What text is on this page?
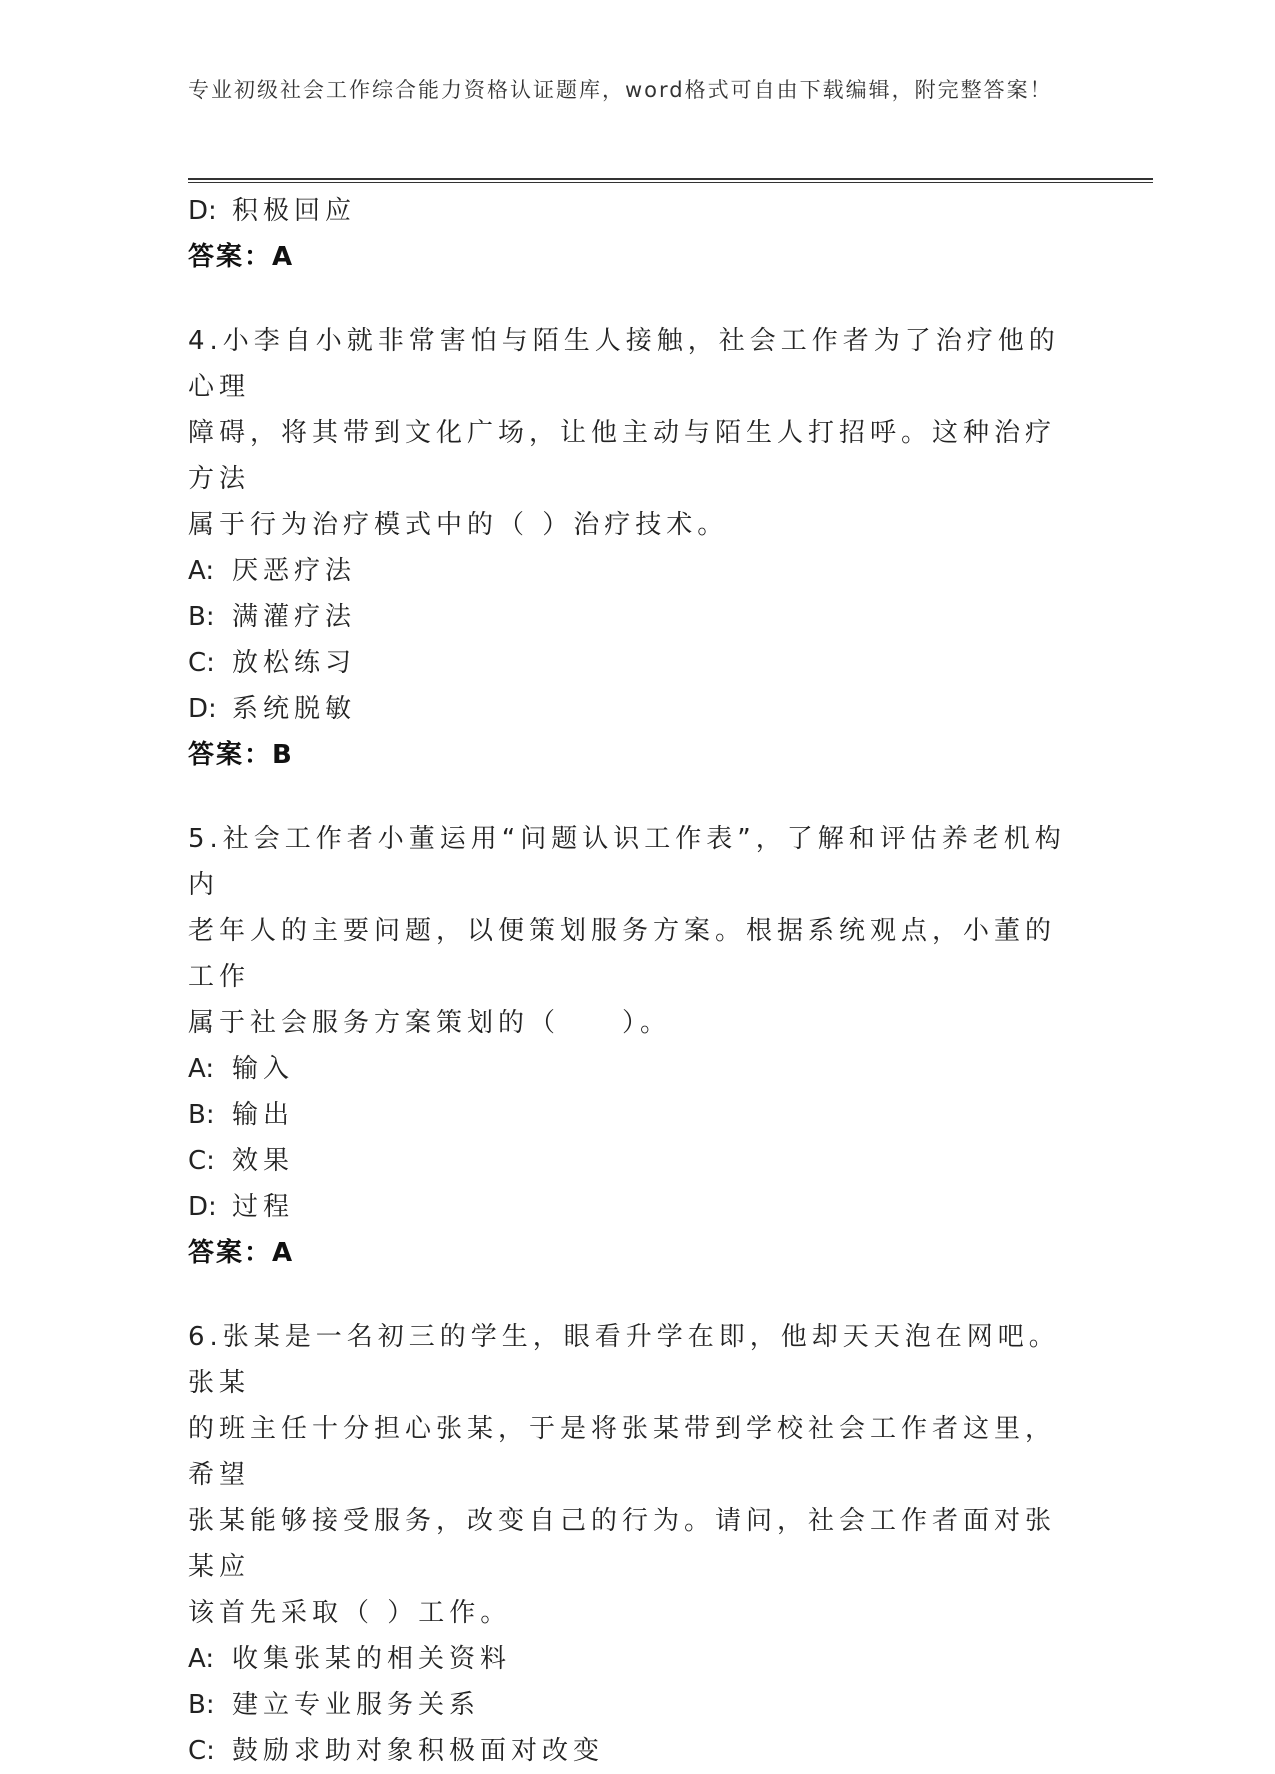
专业初级社会工作综合能力资格认证题库，word格式可自由下载编辑，附完整答案！
D: 积极回应
答案：A
4.小李自小就非常害怕与陌生人接触，社会工作者为了治疗他的心理
障碍，将其带到文化广场，让他主动与陌生人打招呼。这种治疗方法
属于行为治疗模式中的（ ）治疗技术。
A: 厌恶疗法
B: 满灌疗法
C: 放松练习
D: 系统脱敏
答案：B
5.社会工作者小董运用“问题认识工作表”，了解和评估养老机构内
老年人的主要问题，以便策划服务方案。根据系统观点，小董的工作
属于社会服务方案策划的（　　）。
A: 输入
B: 输出
C: 效果
D: 过程
答案：A
6.张某是一名初三的学生，眼看升学在即，他却天天泡在网吧。张某
的班主任十分担心张某，于是将张某带到学校社会工作者这里，希望
张某能够接受服务，改变自己的行为。请问，社会工作者面对张某应
该首先采取（ ）工作。
A: 收集张某的相关资料
B: 建立专业服务关系
C: 鼓励求助对象积极面对改变
